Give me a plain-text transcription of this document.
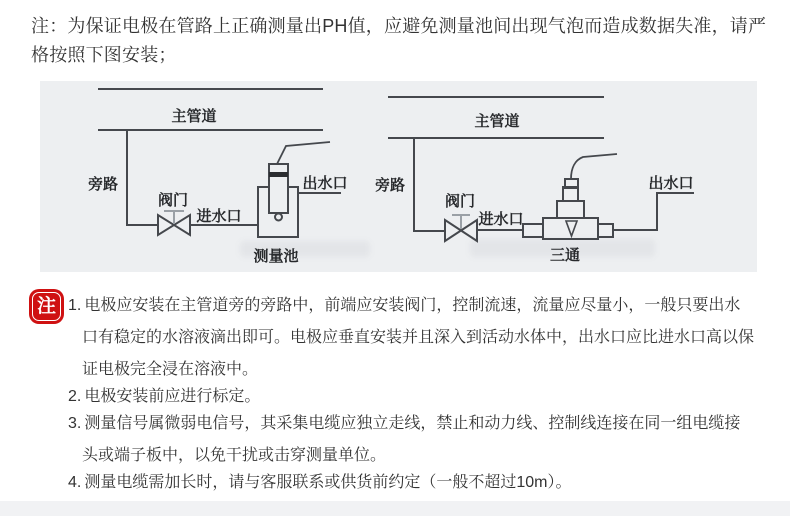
注：为保证电极在管路上正确测量出PH值，应避免测量池间出现气泡而造成数据失准，请严格按照下图安装；
主管道
旁路
阀门
进水口
出水口
测量池
主管道
旁路
阀门
进水口
出水口
三通
注 1. 电极应安装在主管道旁的旁路中，前端应安装阀门，控制流速，流量应尽量小，一般只要出水口有稳定的水溶液滴出即可。电极应垂直安装并且深入到活动水体中，出水口应比进水口高以保证电极完全浸在溶液中。
2. 电极安装前应进行标定。
3. 测量信号属微弱电信号，其采集电缆应独立走线，禁止和动力线、控制线连接在同一组电缆接头或端子板中，以免干扰或击穿测量单位。
4. 测量电缆需加长时，请与客服联系或供货前约定（一般不超过10m）。
